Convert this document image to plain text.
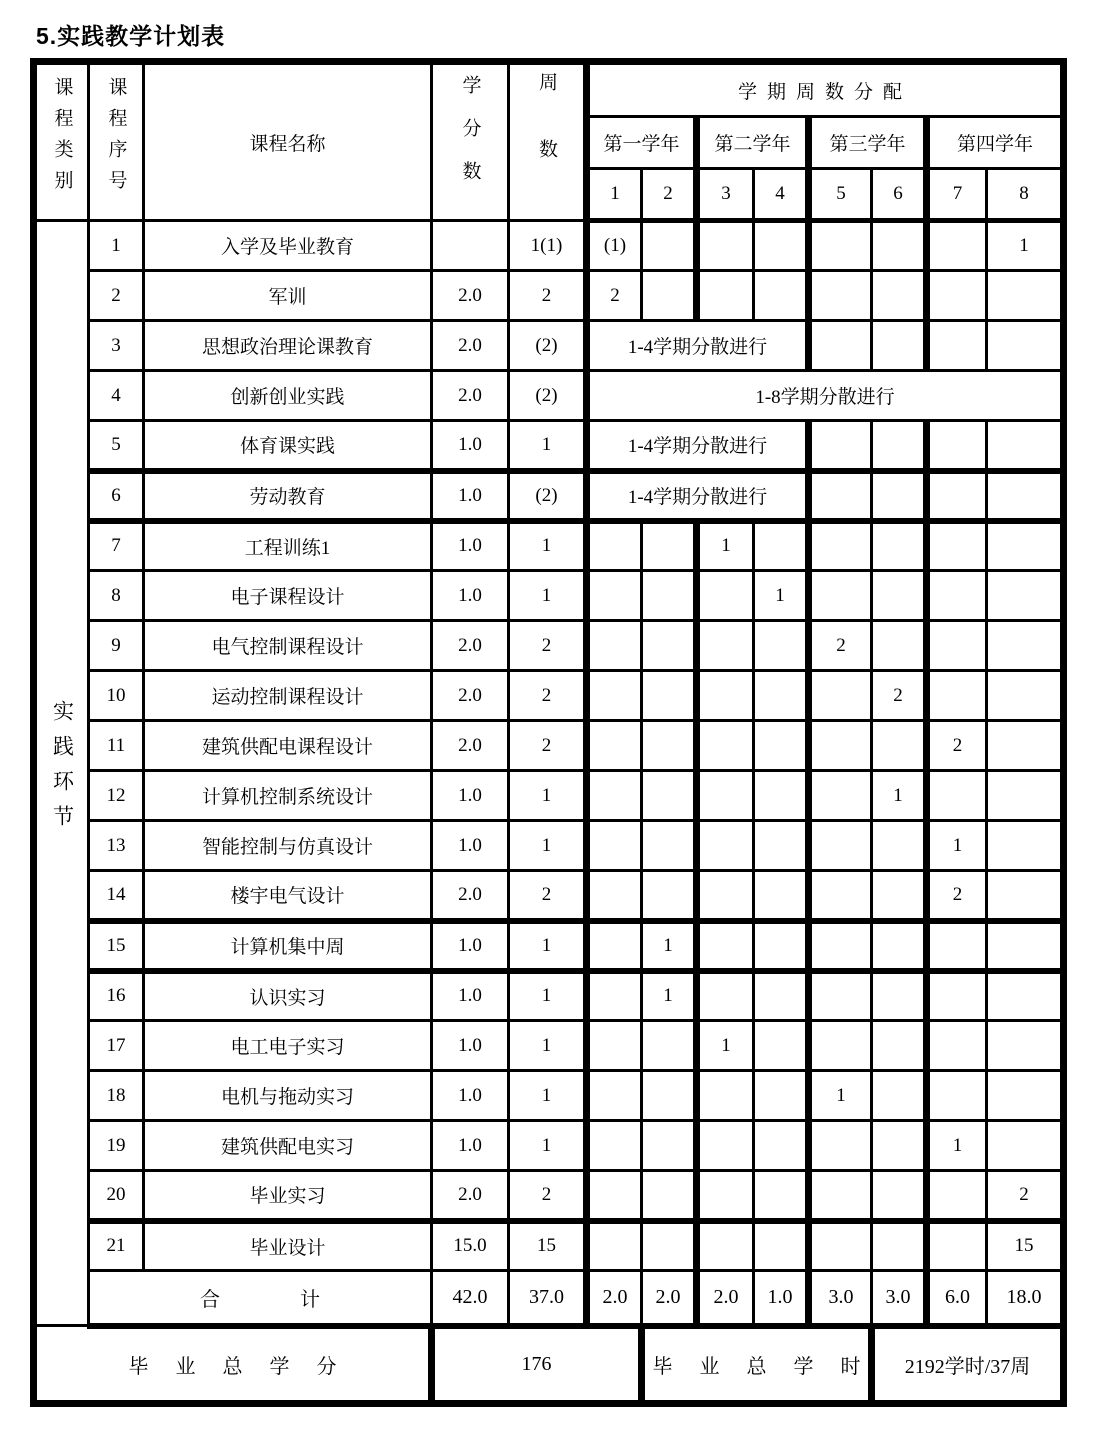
5.实践教学计划表
课程类别	课程序号	课程名称	学分数	周数	学期周数分配							
					第一学年		第二学年		第三学年		第四学年	
					1	2	3	4	5	6	7	8
实践环节	1	入学及毕业教育		1(1)	(1)							1
	2	军训	2.0	2	2							
	3	思想政治理论课教育	2.0	(2)	1-4学期分散进行							
	4	创新创业实践	2.0	(2)	1-8学期分散进行							
	5	体育课实践	1.0	1	1-4学期分散进行							
	6	劳动教育	1.0	(2)	1-4学期分散进行							
	7	工程训练1	1.0	1			1					
	8	电子课程设计	1.0	1				1				
	9	电气控制课程设计	2.0	2					2			
	10	运动控制课程设计	2.0	2						2		
	11	建筑供配电课程设计	2.0	2							2	
	12	计算机控制系统设计	1.0	1						1		
	13	智能控制与仿真设计	1.0	1							1	
	14	楼宇电气设计	2.0	2							2	
	15	计算机集中周	1.0	1		1						
	16	认识实习	1.0	1		1						
	17	电工电子实习	1.0	1			1					
	18	电机与拖动实习	1.0	1					1			
	19	建筑供配电实习	1.0	1							1	
	20	毕业实习	2.0	2								2
	21	毕业设计	15.0	15								15
	合　　　　计		42.0	37.0	2.0	2.0	2.0	1.0	3.0	3.0	6.0	18.0
毕 业 总 学 分			176			毕 业 总 学 时				2192学时/37周		
